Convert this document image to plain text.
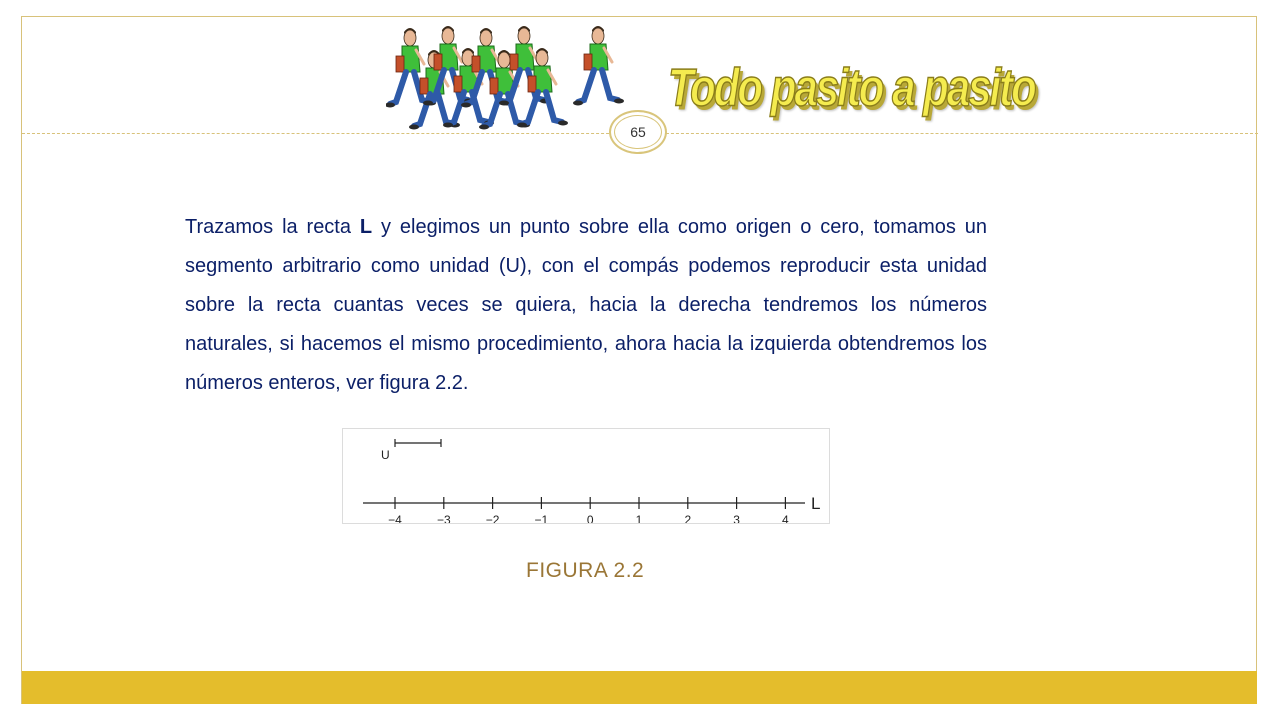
Todo pasito a pasito
65

Trazamos la recta L y elegimos un punto sobre ella como origen o cero, tomamos un segmento arbitrario como unidad (U), con el compás podemos reproducir esta unidad sobre la recta cuantas veces se quiera, hacia la derecha tendremos los números naturales, si hacemos el mismo procedimiento, ahora hacia la izquierda obtendremos los números enteros, ver figura 2.2.

U
L
−4	−3	−2	−1	0	1	2	3	4
FIGURA 2.2
